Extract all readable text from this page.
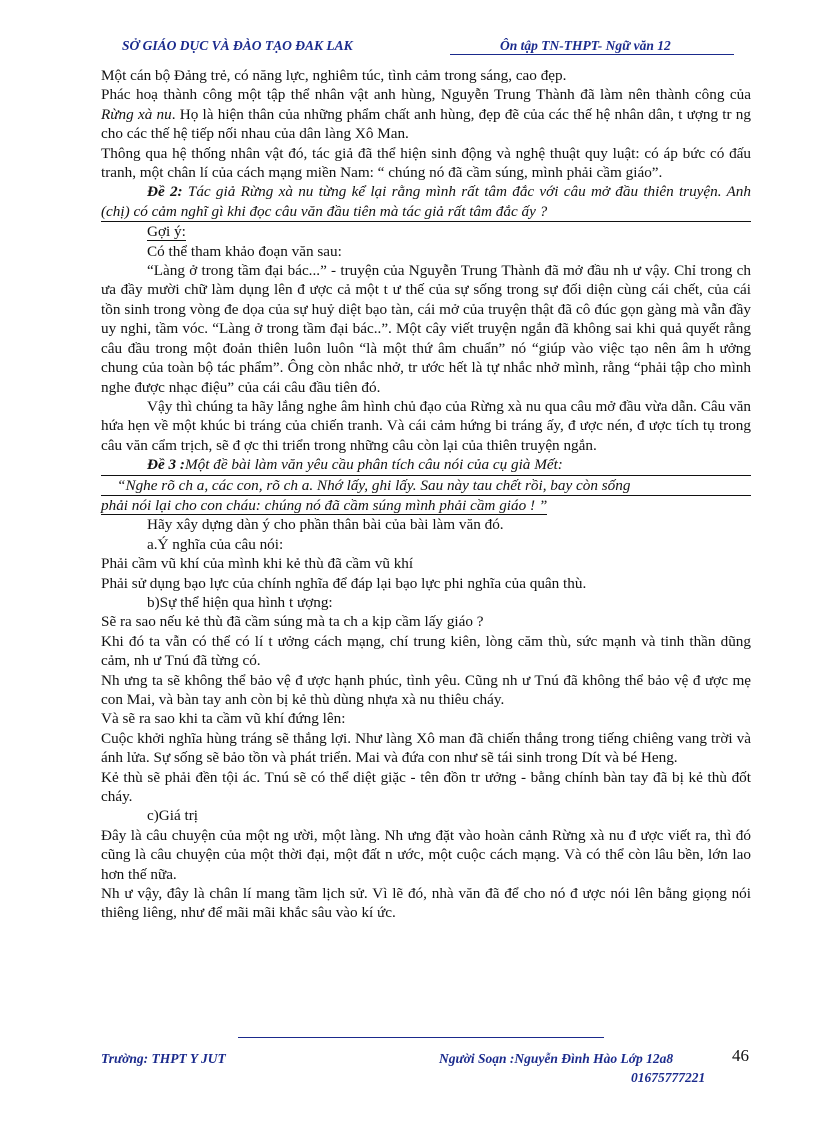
SỞ GIÁO DỤC VÀ ĐÀO TẠO ĐAK LAK	Ôn tập TN-THPT- Ngữ văn 12

Một cán bộ Đảng trẻ, có năng lực, nghiêm túc, tình cảm trong sáng, cao đẹp.

Phác hoạ thành công một tập thể nhân vật anh hùng, Nguyễn Trung Thành đã làm nên thành công của Rừng xà nu. Họ là hiện thân của những phẩm chất anh hùng, đẹp đẽ của các thế hệ nhân dân, t ượng tr ng cho các thế hệ tiếp nối nhau của dân làng Xô Man.

Thông qua hệ thống nhân vật đó, tác giả đã thể hiện sinh động và nghệ thuật quy luật: có áp bức có đấu tranh, một chân lí của cách mạng miền Nam: “ chúng nó đã cầm súng, mình phải cầm giáo”.

Đề 2: Tác giả Rừng xà nu từng kể lại rằng mình rất tâm đắc với câu mở đầu thiên truyện. Anh (chị) có cảm nghĩ gì khi đọc câu văn đầu tiên mà tác giả rất tâm đắc ấy ?

Gợi ý:

Có thể tham khảo đoạn văn sau:

“Làng ở trong tầm đại bác...” - truyện của Nguyễn Trung Thành đã mở đầu nh ư vậy. Chỉ trong ch ưa đầy mười chữ làm dụng lên đ ược cả một t ư thế của sự sống trong sự đối diện cùng cái chết, của cái tồn sinh trong vòng đe dọa của sự huỷ diệt bạo tàn, cái mở của truyện thật đã cô đúc gọn gàng mà vẫn đầy uy nghi, tầm vóc. “Làng ở trong tầm đại bác..”. Một cây viết truyện ngắn đã không sai khi quả quyết rằng câu đầu trong một đoản thiên luôn luôn “là một thứ âm chuẩn” nó “giúp vào việc tạo nên âm h ưởng chung của toàn bộ tác phẩm”. Ông còn nhắc nhở, tr ước hết là tự nhắc nhở mình, rằng “phải tập cho mình nghe được nhạc điệu” của cái câu đầu tiên đó.

Vậy thì chúng ta hãy lắng nghe âm hình chủ đạo của Rừng xà nu qua câu mở đầu vừa dẫn. Câu văn hứa hẹn về một khúc bi tráng của chiến tranh. Và cái cảm hứng bi tráng ấy, đ ược nén, đ ược tích tụ trong câu văn cẩm trịch, sẽ đ ợc thi triển trong những câu còn lại của thiên truyện ngắn.

Đề 3 :Một đề bài làm văn yêu cầu phân tích câu nói của cụ già Mết:

“Nghe rõ ch a, các con, rõ ch a. Nhớ lấy, ghi lấy. Sau này tau chết rồi, bay còn sống

phải nói lại cho con cháu: chúng nó đã cầm súng mình phải cầm giáo ! ”

Hãy xây dựng dàn ý cho phần thân bài của bài làm văn đó.

a.Ý nghĩa của câu nói:

Phải cầm vũ khí của mình khi kẻ thù đã cầm vũ khí

Phải sử dụng bạo lực của chính nghĩa để đáp lại bạo lực phi nghĩa của quân thù.

b)Sự thể hiện qua hình t ượng:

Sẽ ra sao nếu kẻ thù đã cầm súng mà ta ch a kịp cầm lấy giáo ?

Khi đó ta vẫn có thể có lí t ưởng cách mạng, chí trung kiên, lòng căm thù, sức mạnh và tinh thần dũng cảm, nh ư Tnú đã từng có.

Nh ưng ta sẽ không thể bảo vệ đ ược hạnh phúc, tình yêu. Cũng nh ư Tnú đã không thể bảo vệ đ ược mẹ con Mai, và bàn tay anh còn bị kẻ thù dùng nhựa xà nu thiêu cháy.

Và sẽ ra sao khi ta cầm vũ khí đứng lên:

Cuộc khởi nghĩa hùng tráng sẽ thắng lợi. Như làng Xô man đã chiến thắng trong tiếng chiêng vang trời và ánh lửa. Sự sống sẽ bảo tồn và phát triển. Mai và đứa con như sẽ tái sinh trong Dít và bé Heng.

Kẻ thù sẽ phải đền tội ác. Tnú sẽ có thể diệt giặc - tên đồn tr ưởng - bằng chính bàn tay đã bị kẻ thù đốt cháy.

c)Giá trị

Đây là câu chuyện của một ng ười, một làng. Nh ưng đặt vào hoàn cảnh Rừng xà nu đ ược viết ra, thì đó cũng là câu chuyện của một thời đại, một đất n ước, một cuộc cách mạng. Và có thể còn lâu bền, lớn lao hơn thế nữa.

Nh ư vậy, đây là chân lí mang tầm lịch sử. Vì lẽ đó, nhà văn đã để cho nó đ ược nói lên bằng giọng nói thiêng liêng, như để mãi mãi khắc sâu vào kí ức.

Trường: THPT Y JUT	Người Soạn :Nguyễn Đình Hào Lớp 12a8
01675777221
46
